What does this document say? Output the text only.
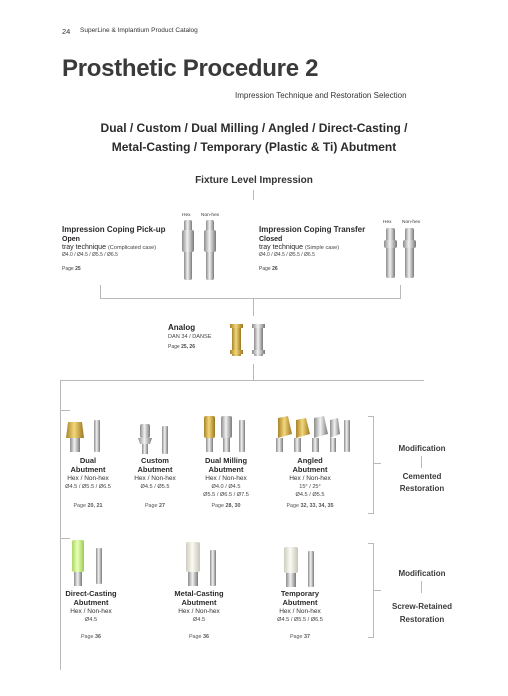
24 SuperLine & Implantium Product Catalog
Prosthetic Procedure 2
Impression Technique and Restoration Selection
Dual / Custom / Dual Milling / Angled / Direct-Casting /
Metal-Casting / Temporary (Plastic & Ti) Abutment
Fixture Level Impression
Impression Coping Pick-up
Open
tray technique (Complicated case)
Ø4.0 / Ø4.5 / Ø5.5 / Ø6.5
Page 25
Hex Non-hex
Impression Coping Transfer
Closed
tray technique (Simple case)
Ø4.0 / Ø4.5 / Ø5.5 / Ø6.5
Page 26
Hex Non-hex
Analog
DAN 34 / DANSE
Page 25, 26
Dual
Abutment
Hex / Non-hex
Ø4.5 / Ø5.5 / Ø6.5
Page 20, 21
Custom
Abutment
Hex / Non-hex
Ø4.5 / Ø5.5
Page 27
Dual Milling
Abutment
Hex / Non-hex
Ø4.0 / Ø4.5
Ø5.5 / Ø6.5 / Ø7.5
Page 28, 30
Angled
Abutment
Hex / Non-hex
15° / 25°
Ø4.5 / Ø5.5
Page 32, 33, 34, 35
Modification
Cemented
Restoration
Direct-Casting
Abutment
Hex / Non-hex
Ø4.5
Page 36
Metal-Casting
Abutment
Hex / Non-hex
Ø4.5
Page 36
Temporary
Abutment
Hex / Non-hex
Ø4.5 / Ø5.5 / Ø6.5
Page 37
Modification
Screw-Retained
Restoration
